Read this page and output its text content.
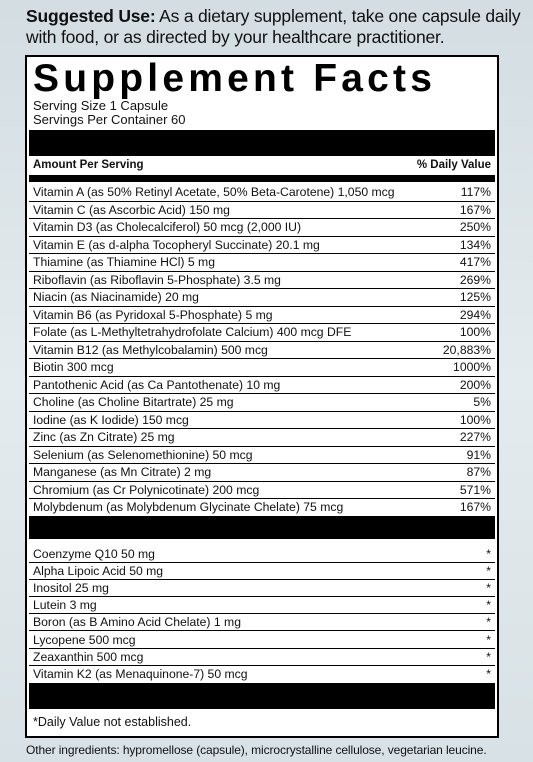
Suggested Use: As a dietary supplement, take one capsule daily with food, or as directed by your healthcare practitioner.
Supplement Facts
Serving Size 1 Capsule
Servings Per Container 60
Amount Per Serving	% Daily Value
Vitamin A (as 50% Retinyl Acetate, 50% Beta-Carotene) 1,050 mcg	117%
Vitamin C (as Ascorbic Acid) 150 mg	167%
Vitamin D3 (as Cholecalciferol) 50 mcg (2,000 IU)	250%
Vitamin E (as d-alpha Tocopheryl Succinate) 20.1 mg	134%
Thiamine (as Thiamine HCl) 5 mg	417%
Riboflavin (as Riboflavin 5-Phosphate) 3.5 mg	269%
Niacin (as Niacinamide) 20 mg	125%
Vitamin B6 (as Pyridoxal 5-Phosphate) 5 mg	294%
Folate (as L-Methyltetrahydrofolate Calcium) 400 mcg DFE	100%
Vitamin B12 (as Methylcobalamin) 500 mcg	20,883%
Biotin 300 mcg	1000%
Pantothenic Acid (as Ca Pantothenate) 10 mg	200%
Choline (as Choline Bitartrate) 25 mg	5%
Iodine (as K Iodide) 150 mcg	100%
Zinc (as Zn Citrate) 25 mg	227%
Selenium (as Selenomethionine) 50 mcg	91%
Manganese (as Mn Citrate) 2 mg	87%
Chromium (as Cr Polynicotinate) 200 mcg	571%
Molybdenum (as Molybdenum Glycinate Chelate) 75 mcg	167%
Coenzyme Q10 50 mg	*
Alpha Lipoic Acid 50 mg	*
Inositol 25 mg	*
Lutein 3 mg	*
Boron (as B Amino Acid Chelate) 1 mg	*
Lycopene 500 mcg	*
Zeaxanthin 500 mcg	*
Vitamin K2 (as Menaquinone-7) 50 mcg	*
*Daily Value not established.
Other ingredients: hypromellose (capsule), microcrystalline cellulose, vegetarian leucine.
